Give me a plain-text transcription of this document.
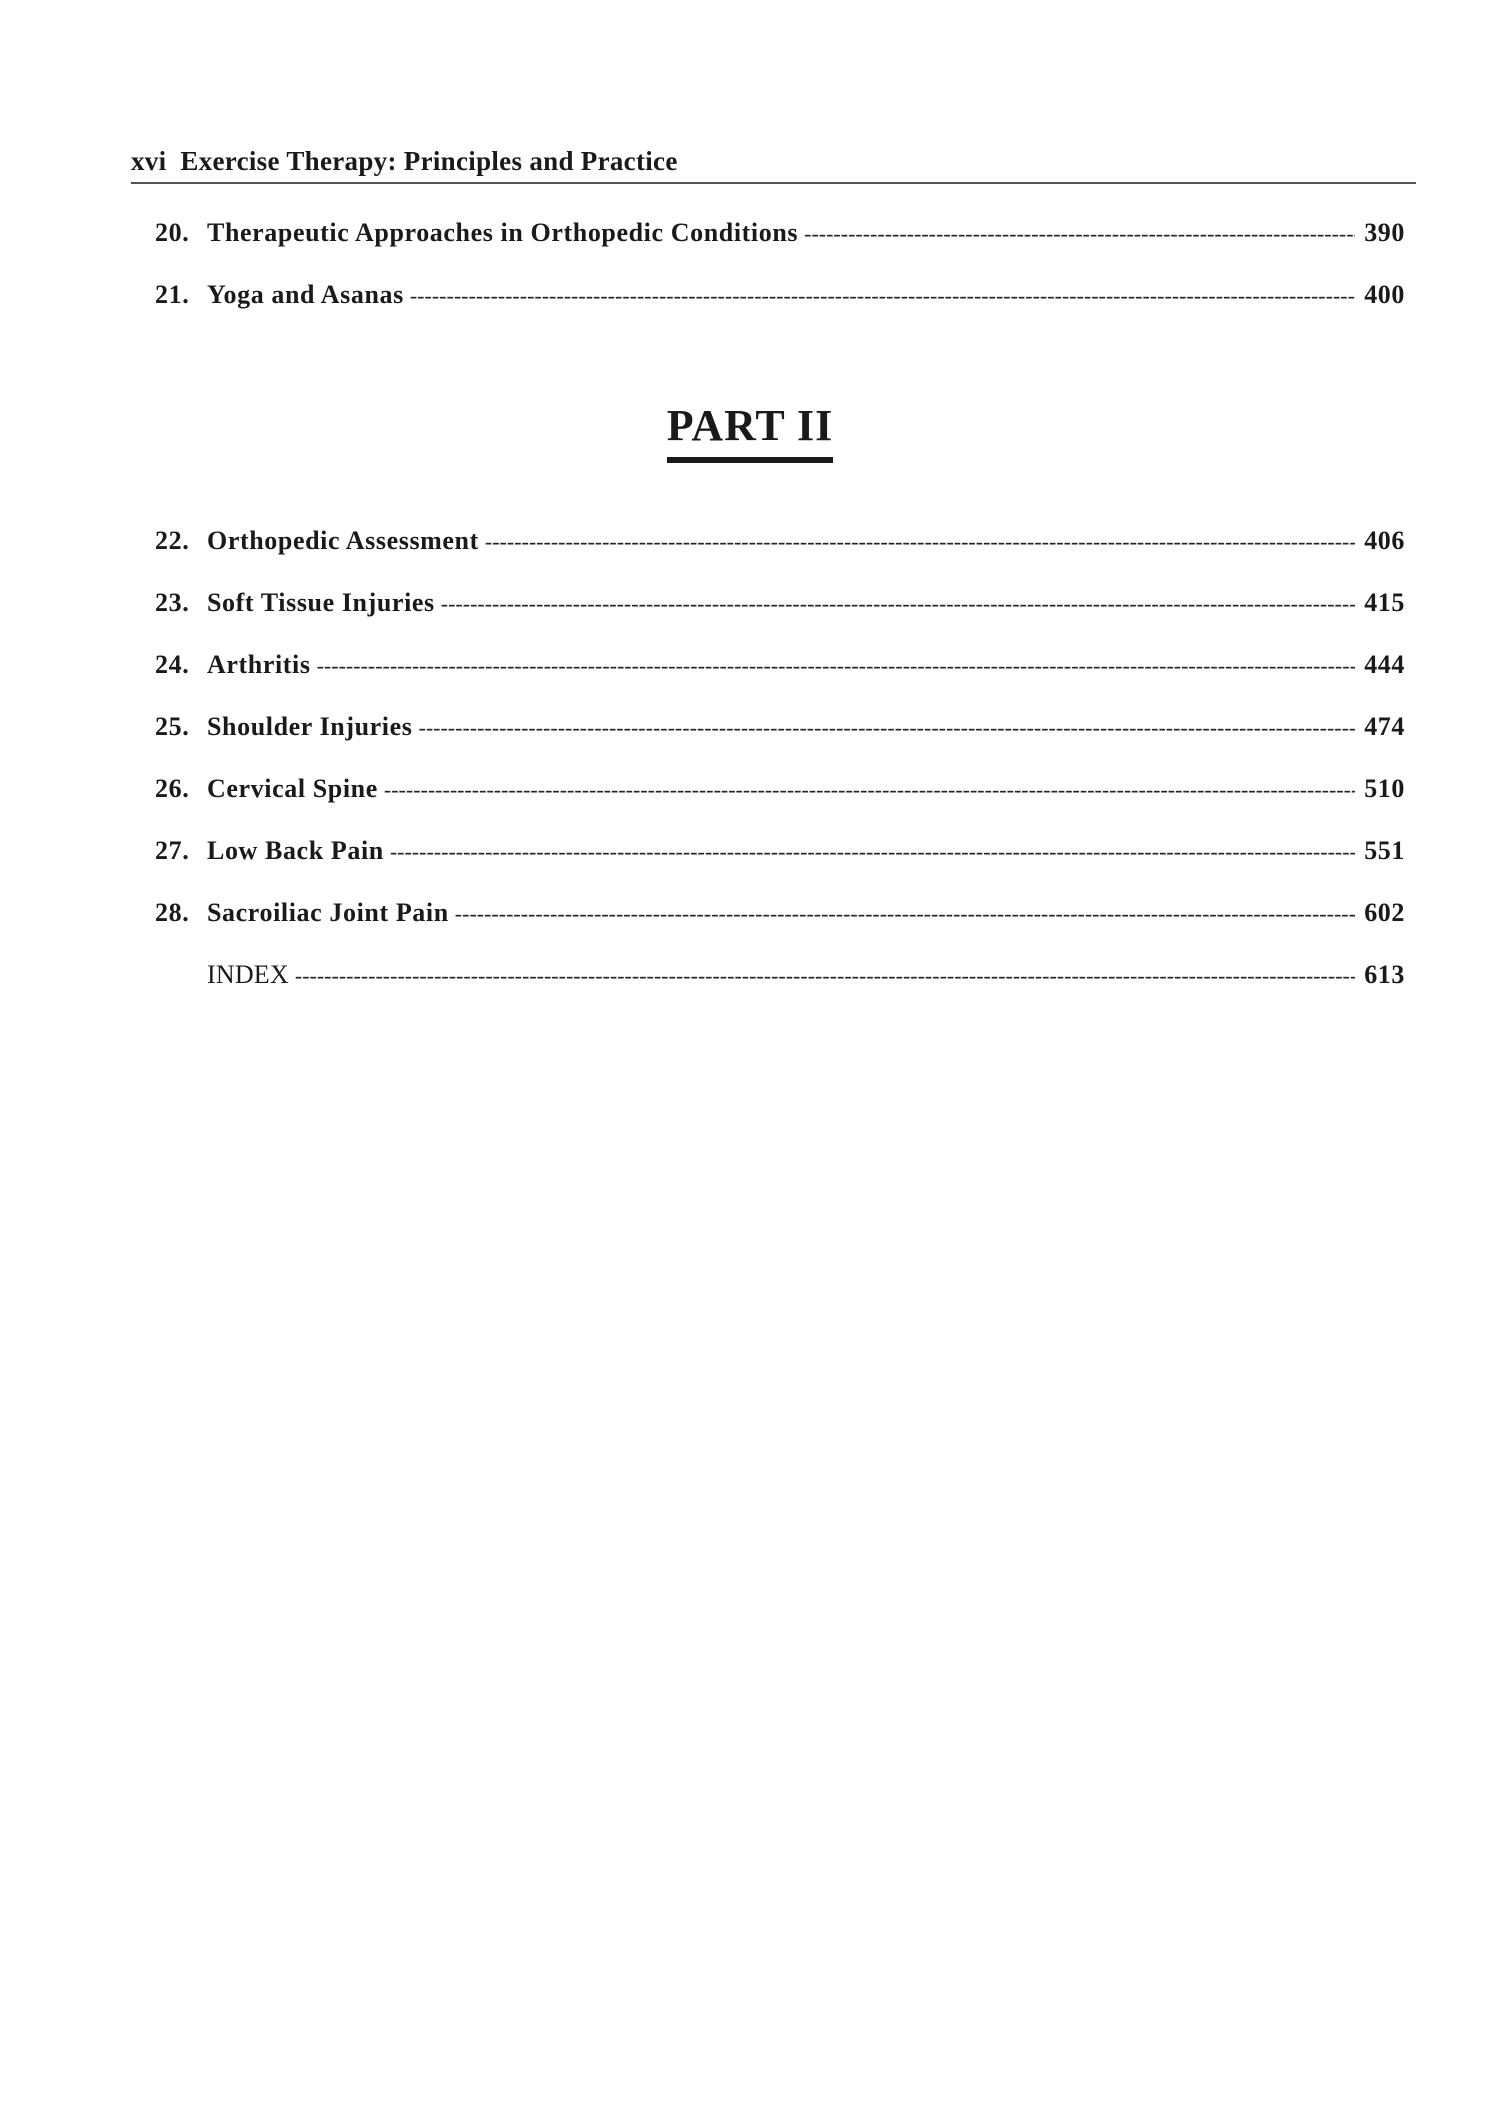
xvi Exercise Therapy: Principles and Practice
20. Therapeutic Approaches in Orthopedic Conditions -----	390
21. Yoga and Asanas -----	400
PART II
22. Orthopedic Assessment -----	406
23. Soft Tissue Injuries -----	415
24. Arthritis -----	444
25. Shoulder Injuries -----	474
26. Cervical Spine -----	510
27. Low Back Pain -----	551
28. Sacroiliac Joint Pain -----	602
INDEX -----	613
